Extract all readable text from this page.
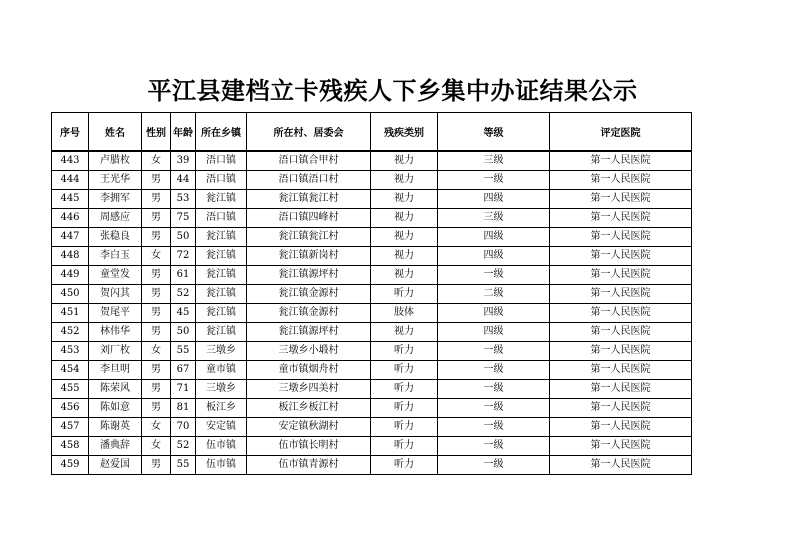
平江县建档立卡残疾人下乡集中办证结果公示
序号	姓名	性别	年龄	所在乡镇	所在村、居委会	残疾类别	等级	评定医院
443	卢腊枚	女	39	浯口镇	浯口镇合甲村	视力	三级	第一人民医院
444	王光华	男	44	浯口镇	浯口镇浯口村	视力	一级	第一人民医院
445	李拥军	男	53	瓮江镇	瓮江镇瓮江村	视力	四级	第一人民医院
446	周感应	男	75	浯口镇	浯口镇四峰村	视力	三级	第一人民医院
447	张稳良	男	50	瓮江镇	瓮江镇瓮江村	视力	四级	第一人民医院
448	李白玉	女	72	瓮江镇	瓮江镇新岗村	视力	四级	第一人民医院
449	童堂发	男	61	瓮江镇	瓮江镇源坪村	视力	一级	第一人民医院
450	贺闪其	男	52	瓮江镇	瓮江镇金源村	听力	二级	第一人民医院
451	贺尾平	男	45	瓮江镇	瓮江镇金源村	肢体	四级	第一人民医院
452	林伟华	男	50	瓮江镇	瓮江镇源坪村	视力	四级	第一人民医院
453	刘厂枚	女	55	三墩乡	三墩乡小塅村	听力	一级	第一人民医院
454	李旦明	男	67	童市镇	童市镇烟舟村	听力	一级	第一人民医院
455	陈荣风	男	71	三墩乡	三墩乡四美村	听力	一级	第一人民医院
456	陈如意	男	81	板江乡	板江乡板江村	听力	一级	第一人民医院
457	陈谢英	女	70	安定镇	安定镇秋湖村	听力	一级	第一人民医院
458	潘典辞	女	52	伍市镇	伍市镇长明村	听力	一级	第一人民医院
459	赵爱国	男	55	伍市镇	伍市镇青源村	听力	一级	第一人民医院
